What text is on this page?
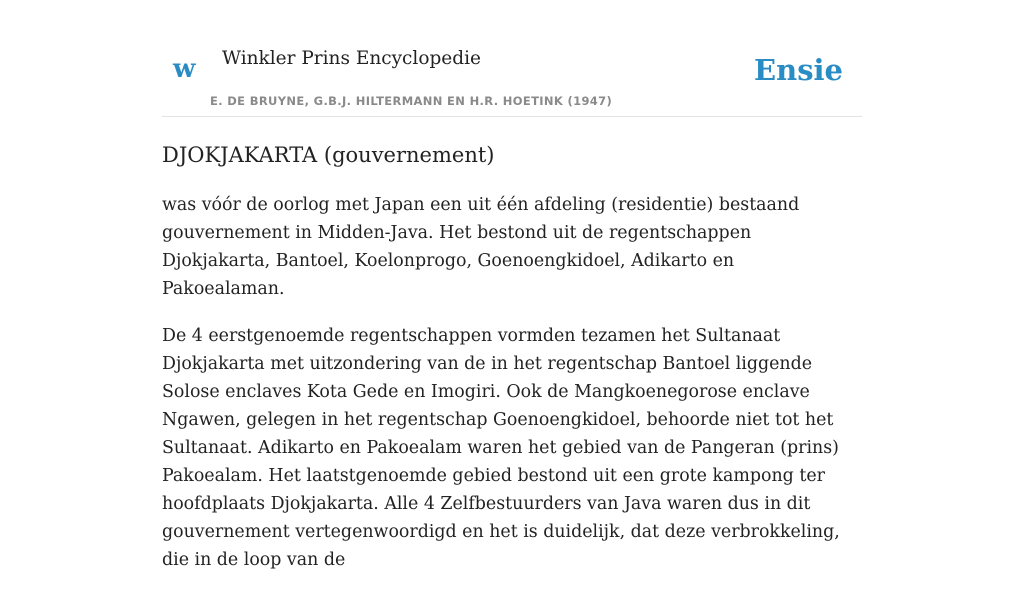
w Winkler Prins Encyclopedie
E. DE BRUYNE, G.B.J. HILTERMANN EN H.R. HOETINK (1947)
Ensie
DJOKJAKARTA (gouvernement)

was vóór de oorlog met Japan een uit één afdeling (residentie) bestaand gouvernement in Midden-Java. Het bestond uit de regentschappen Djokjakarta, Bantoel, Koelonprogo, Goenoengkidoel, Adikarto en Pakoealaman.

De 4 eerstgenoemde regentschappen vormden tezamen het Sultanaat Djokjakarta met uitzondering van de in het regentschap Bantoel liggende Solose enclaves Kota Gede en Imogiri. Ook de Mangkoenegorose enclave Ngawen, gelegen in het regentschap Goenoengkidoel, behoorde niet tot het Sultanaat. Adikarto en Pakoealam waren het gebied van de Pangeran (prins) Pakoealam. Het laatstgenoemde gebied bestond uit een grote kampong ter hoofdplaats Djokjakarta. Alle 4 Zelfbestuurders van Java waren dus in dit gouvernement vertegenwoordigd en het is duidelijk, dat deze verbrokkeling, die in de loop van de
